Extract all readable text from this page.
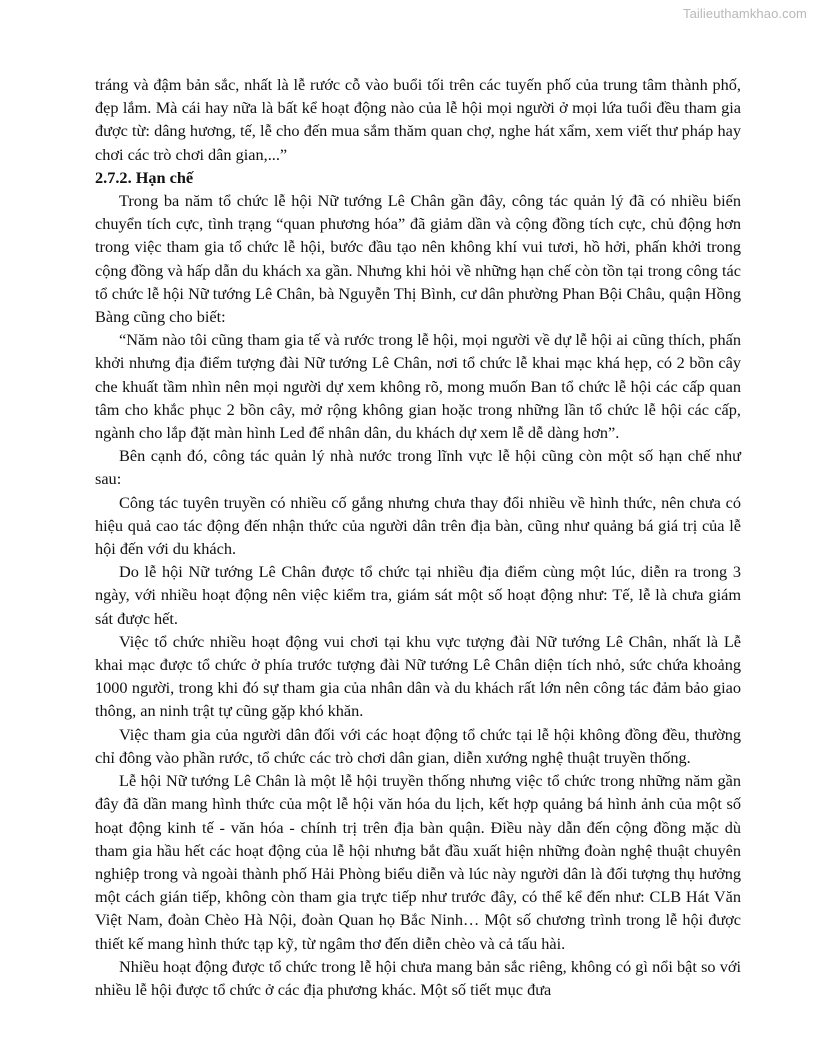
Tailieuthamkhao.com

tráng và đậm bản sắc, nhất là lễ rước cỗ vào buổi tối trên các tuyến phố của trung tâm thành phố, đẹp lắm. Mà cái hay nữa là bất kể hoạt động nào của lễ hội mọi người ở mọi lứa tuổi đều tham gia được từ: dâng hương, tế, lễ cho đến mua sắm thăm quan chợ, nghe hát xẩm, xem viết thư pháp hay chơi các trò chơi dân gian,...”

2.7.2. Hạn chế

Trong ba năm tổ chức lễ hội Nữ tướng Lê Chân gần đây, công tác quản lý đã có nhiều biến chuyển tích cực, tình trạng “quan phương hóa” đã giảm dần và cộng đồng tích cực, chủ động hơn trong việc tham gia tổ chức lễ hội, bước đầu tạo nên không khí vui tươi, hồ hởi, phấn khởi trong cộng đồng và hấp dẫn du khách xa gần. Nhưng khi hỏi về những hạn chế còn tồn tại trong công tác tổ chức lễ hội Nữ tướng Lê Chân, bà Nguyễn Thị Bình, cư dân phường Phan Bội Châu, quận Hồng Bàng cũng cho biết:

“Năm nào tôi cũng tham gia tế và rước trong lễ hội, mọi người về dự lễ hội ai cũng thích, phấn khởi nhưng địa điểm tượng đài Nữ tướng Lê Chân, nơi tổ chức lễ khai mạc khá hẹp, có 2 bồn cây che khuất tầm nhìn nên mọi người dự xem không rõ, mong muốn Ban tổ chức lễ hội các cấp quan tâm cho khắc phục 2 bồn cây, mở rộng không gian hoặc trong những lần tổ chức lễ hội các cấp, ngành cho lắp đặt màn hình Led để nhân dân, du khách dự xem lễ dễ dàng hơn”.

Bên cạnh đó, công tác quản lý nhà nước trong lĩnh vực lễ hội cũng còn một số hạn chế như sau:

Công tác tuyên truyền có nhiều cố gắng nhưng chưa thay đổi nhiều về hình thức, nên chưa có hiệu quả cao tác động đến nhận thức của người dân trên địa bàn, cũng như quảng bá giá trị của lễ hội đến với du khách.

Do lễ hội Nữ tướng Lê Chân được tổ chức tại nhiều địa điểm cùng một lúc, diễn ra trong 3 ngày, với nhiều hoạt động nên việc kiểm tra, giám sát một số hoạt động như: Tế, lễ là chưa giám sát được hết.

Việc tổ chức nhiều hoạt động vui chơi tại khu vực tượng đài Nữ tướng Lê Chân, nhất là Lễ khai mạc được tổ chức ở phía trước tượng đài Nữ tướng Lê Chân diện tích nhỏ, sức chứa khoảng 1000 người, trong khi đó sự tham gia của nhân dân và du khách rất lớn nên công tác đảm bảo giao thông, an ninh trật tự cũng gặp khó khăn.

Việc tham gia của người dân đối với các hoạt động tổ chức tại lễ hội không đồng đều, thường chỉ đông vào phần rước, tổ chức các trò chơi dân gian, diễn xướng nghệ thuật truyền thống.

Lễ hội Nữ tướng Lê Chân là một lễ hội truyền thống nhưng việc tổ chức trong những năm gần đây đã dần mang hình thức của một lễ hội văn hóa du lịch, kết hợp quảng bá hình ảnh của một số hoạt động kinh tế - văn hóa - chính trị trên địa bàn quận. Điều này dẫn đến cộng đồng mặc dù tham gia hầu hết các hoạt động của lễ hội nhưng bắt đầu xuất hiện những đoàn nghệ thuật chuyên nghiệp trong và ngoài thành phố Hải Phòng biểu diễn và lúc này người dân là đối tượng thụ hưởng một cách gián tiếp, không còn tham gia trực tiếp như trước đây, có thể kể đến như: CLB Hát Văn Việt Nam, đoàn Chèo Hà Nội, đoàn Quan họ Bắc Ninh… Một số chương trình trong lễ hội được thiết kế mang hình thức tạp kỹ, từ ngâm thơ đến diễn chèo và cả tấu hài.

Nhiều hoạt động được tổ chức trong lễ hội chưa mang bản sắc riêng, không có gì nổi bật so với nhiều lễ hội được tổ chức ở các địa phương khác. Một số tiết mục đưa
